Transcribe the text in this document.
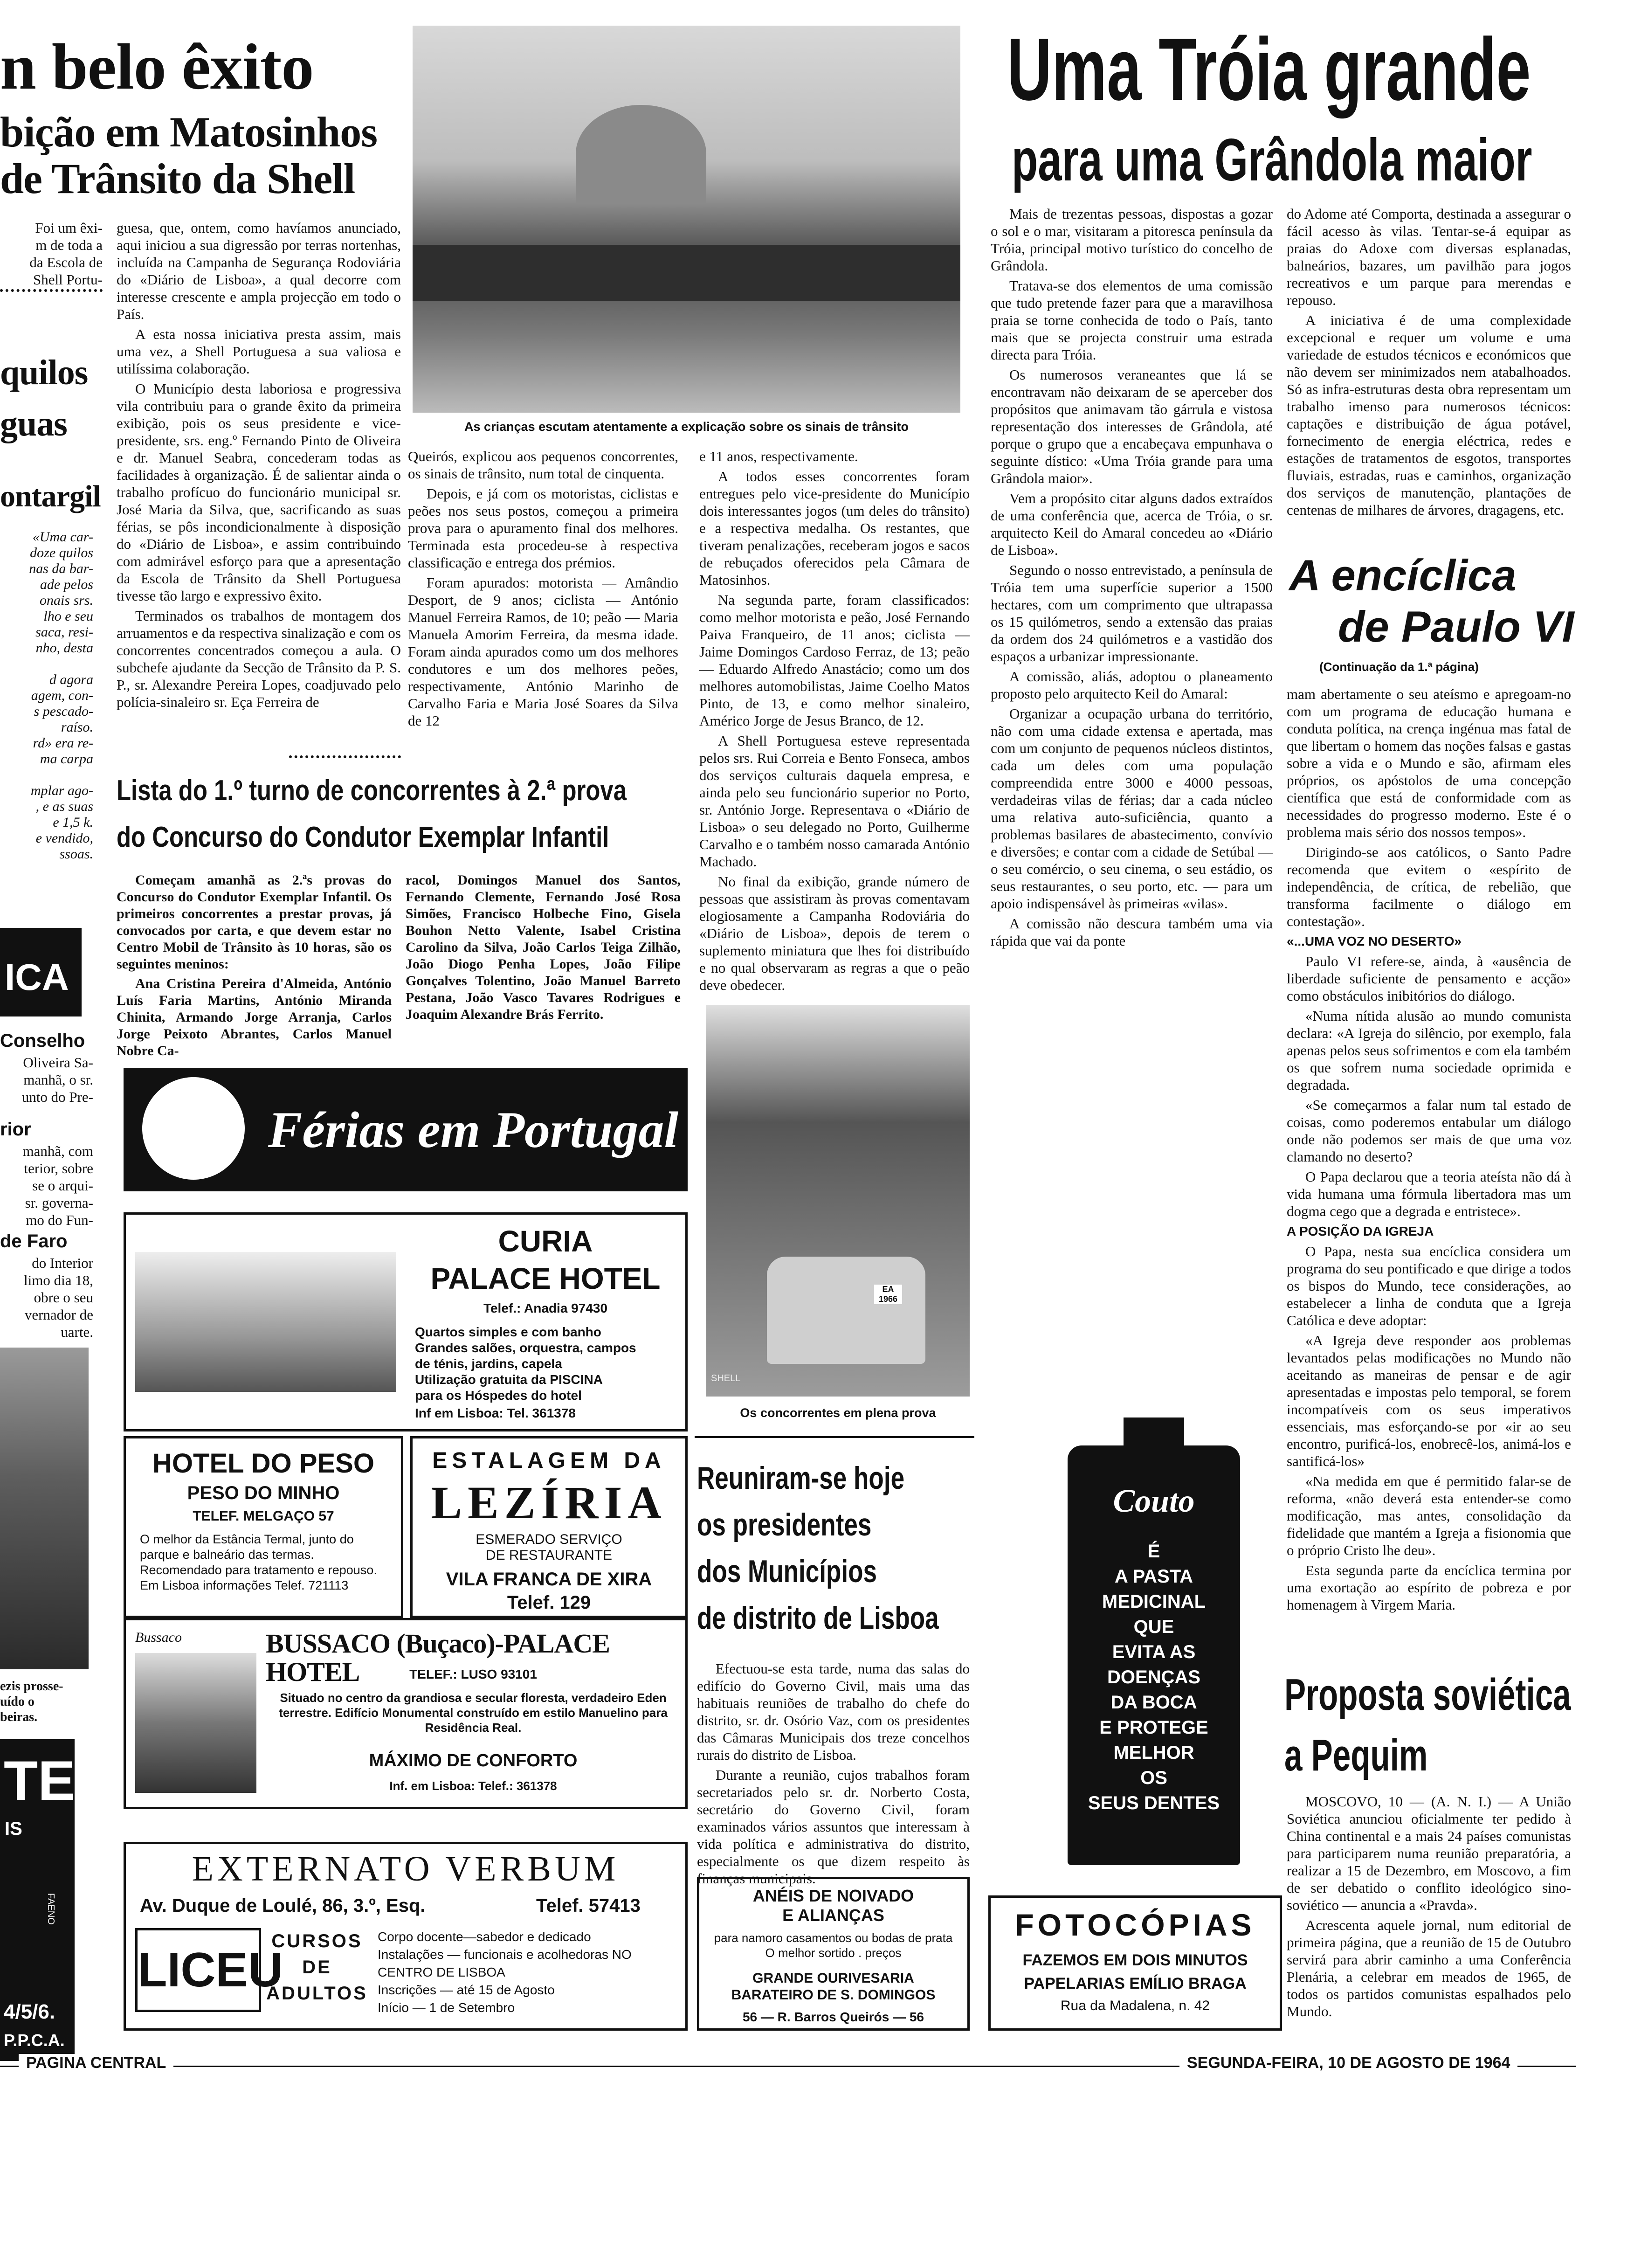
n belo êxito
bição em Matosinhos
de Trânsito da Shell
Foi um êxi-
m de toda a
da Escola de
Shell Portu-
quilos
guas
ontargil
«Uma car-
doze quilos
nas da bar-
ade pelos
onais srs.
lho e seu
saca, resi-
nho, desta

d agora
agem, con-
s pescado-
raíso.
rd» era re-
ma carpa

mplar ago-
, e as suas
e 1,5 k.
e vendido,
ssoas.
ICA
Conselho
Oliveira Sa-
manhã, o sr.
unto do Pre-
rior
manhã, com
terior, sobre
se o arqui-
sr. governa-
mo do Fun-
de Faro
do Interior
limo dia 18,
obre o seu
vernador de
uarte.
ezis prosse-
uído o
beiras.
TE
IS
FAENO
4/5/6.
P.P.C.A.

guesa, que, ontem, como havíamos anunciado, aqui iniciou a sua digressão por terras nortenhas, incluída na Campanha de Segurança Rodoviária do «Diário de Lisboa», a qual decorre com interesse crescente e ampla projecção em todo o País.

A esta nossa iniciativa presta assim, mais uma vez, a Shell Portuguesa a sua valiosa e utilíssima colaboração.

O Município desta laboriosa e progressiva vila contribuiu para o grande êxito da primeira exibição, pois os seus presidente e vice-presidente, srs. eng.º Fernando Pinto de Oliveira e dr. Manuel Seabra, concederam todas as facilidades à organização. É de salientar ainda o trabalho profícuo do funcionário municipal sr. José Maria da Silva, que, sacrificando as suas férias, se pôs incondicionalmente à disposição do «Diário de Lisboa», e assim contribuindo com admirável esforço para que a apresentação da Escola de Trânsito da Shell Portuguesa tivesse tão largo e expressivo êxito.

Terminados os trabalhos de montagem dos arruamentos e da respectiva sinalização e com os concorrentes concentrados começou a aula. O subchefe ajudante da Secção de Trânsito da P. S. P., sr. Alexandre Pereira Lopes, coadjuvado pelo polícia-sinaleiro sr. Eça Ferreira de

As crianças escutam atentamente a explicação sobre os sinais de trânsito

Queirós, explicou aos pequenos concorrentes, os sinais de trânsito, num total de cinquenta.

Depois, e já com os motoristas, ciclistas e peões nos seus postos, começou a primeira prova para o apuramento final dos melhores. Terminada esta procedeu-se à respectiva classificação e entrega dos prémios.

Foram apurados: motorista — Amândio Desport, de 9 anos; ciclista — António Manuel Ferreira Ramos, de 10; peão — Maria Manuela Amorim Ferreira, da mesma idade. Foram ainda apurados como um dos melhores condutores e um dos melhores peões, respectivamente, António Marinho de Carvalho Faria e Maria José Soares da Silva de 12

e 11 anos, respectivamente.

A todos esses concorrentes foram entregues pelo vice-presidente do Município dois interessantes jogos (um deles do trânsito) e a respectiva medalha. Os restantes, que tiveram penalizações, receberam jogos e sacos de rebuçados oferecidos pela Câmara de Matosinhos.

Na segunda parte, foram classificados: como melhor motorista e peão, José Fernando Paiva Franqueiro, de 11 anos; ciclista — Jaime Domingos Cardoso Ferraz, de 13; peão — Eduardo Alfredo Anastácio; como um dos melhores automobilistas, Jaime Coelho Matos Pinto, de 13, e como melhor sinaleiro, Américo Jorge de Jesus Branco, de 12.

A Shell Portuguesa esteve representada pelos srs. Rui Correia e Bento Fonseca, ambos dos serviços culturais daquela empresa, e ainda pelo seu funcionário superior no Porto, sr. António Jorge. Representava o «Diário de Lisboa» o seu delegado no Porto, Guilherme Carvalho e o também nosso camarada António Machado.

No final da exibição, grande número de pessoas que assistiram às provas comentavam elogiosamente a Campanha Rodoviária do «Diário de Lisboa», depois de terem o suplemento miniatura que lhes foi distribuído e no qual observaram as regras a que o peão deve obedecer.

Lista do 1.º turno de concorrentes à 2.ª prova
do Concurso do Condutor Exemplar Infantil

Começam amanhã as 2.ªs provas do Concurso do Condutor Exemplar Infantil. Os primeiros concorrentes a prestar provas, já convocados por carta, e que devem estar no Centro Mobil de Trânsito às 10 horas, são os seguintes meninos:

Ana Cristina Pereira d'Almeida, António Luís Faria Martins, António Miranda Chinita, Armando Jorge Arranja, Carlos Jorge Peixoto Abrantes, Carlos Manuel Nobre Ca-

racol, Domingos Manuel dos Santos, Fernando Clemente, Fernando José Rosa Simões, Francisco Holbeche Fino, Gisela Bouhon Netto Valente, Isabel Cristina Carolino da Silva, João Carlos Teiga Zilhão, João Diogo Penha Lopes, João Filipe Gonçalves Tolentino, João Manuel Barreto Pestana, João Vasco Tavares Rodrigues e Joaquim Alexandre Brás Ferrito.

EA 1966
SHELL
Os concorrentes em plena prova
Férias em Portugal
CURIA
PALACE HOTEL
Telef.: Anadia 97430
Quartos simples e com banho
Grandes salões, orquestra, campos
de ténis, jardins, capela
Utilização gratuita da PISCINA
para os Hóspedes do hotel
Inf em Lisboa: Tel. 361378
HOTEL DO PESO
PESO DO MINHO
TELEF. MELGAÇO 57
O melhor da Estância Termal, junto do parque e balneário das termas. Recomendado para tratamento e repouso. Em Lisboa informações Telef. 721113
ESTALAGEM DA
LEZÍRIA
ESMERADO SERVIÇO
DE RESTAURANTE
VILA FRANCA DE XIRA
Telef. 129
Bussaco	BUSSACO (Buçaco)-PALACE HOTEL	TELEF.: LUSO 93101
Situado no centro da grandiosa e secular floresta, verdadeiro Eden terrestre. Edifício Monumental construído em estilo Manuelino para Residência Real.
MÁXIMO DE CONFORTO
Inf. em Lisboa: Telef.: 361378
EXTERNATO VERBUM
Av. Duque de Loulé, 86, 3.º, Esq.	Telef. 57413
LICEU
CURSOS
DE
ADULTOS
Corpo docente—sabedor e dedicado
Instalações — funcionais e acolhedoras NO CENTRO DE LISBOA
Inscrições — até 15 de Agosto
Início — 1 de Setembro
Reuniram-se hoje
os presidentes
dos Municípios
de distrito de Lisboa

Efectuou-se esta tarde, numa das salas do edifício do Governo Civil, mais uma das habituais reuniões de trabalho do chefe do distrito, sr. dr. Osório Vaz, com os presidentes das Câmaras Municipais dos treze concelhos rurais do distrito de Lisboa.

Durante a reunião, cujos trabalhos foram secretariados pelo sr. dr. Norberto Costa, secretário do Governo Civil, foram examinados vários assuntos que interessam à vida política e administrativa do distrito, especialmente os que dizem respeito às finanças municipais.

ANÉIS DE NOIVADO
E ALIANÇAS
para namoro casamentos ou bodas de prata O melhor sortido . preços
GRANDE OURIVESARIA
BARATEIRO DE S. DOMINGOS
56 — R. Barros Queirós — 56
Couto
É
A PASTA
MEDICINAL
QUE
EVITA AS
DOENÇAS
DA BOCA
E PROTEGE
MELHOR
OS
SEUS DENTES
FOTOCÓPIAS
FAZEMOS EM DOIS MINUTOS
PAPELARIAS EMÍLIO BRAGA
Rua da Madalena, n. 42
Uma Tróia grande
para uma Grândola maior

Mais de trezentas pessoas, dispostas a gozar o sol e o mar, visitaram a pitoresca península da Tróia, principal motivo turístico do concelho de Grândola.

Tratava-se dos elementos de uma comissão que tudo pretende fazer para que a maravilhosa praia se torne conhecida de todo o País, tanto mais que se projecta construir uma estrada directa para Tróia.

Os numerosos veraneantes que lá se encontravam não deixaram de se aperceber dos propósitos que animavam tão gárrula e vistosa representação dos interesses de Grândola, até porque o grupo que a encabeçava empunhava o seguinte dístico: «Uma Tróia grande para uma Grândola maior».

Vem a propósito citar alguns dados extraídos de uma conferência que, acerca de Tróia, o sr. arquitecto Keil do Amaral concedeu ao «Diário de Lisboa».

Segundo o nosso entrevistado, a península de Tróia tem uma superfície superior a 1500 hectares, com um comprimento que ultrapassa os 15 quilómetros, sendo a extensão das praias da ordem dos 24 quilómetros e a vastidão dos espaços a urbanizar impressionante.

A comissão, aliás, adoptou o planeamento proposto pelo arquitecto Keil do Amaral:

Organizar a ocupação urbana do território, não com uma cidade extensa e apertada, mas com um conjunto de pequenos núcleos distintos, cada um deles com uma população compreendida entre 3000 e 4000 pessoas, verdadeiras vilas de férias; dar a cada núcleo uma relativa auto-suficiência, quanto a problemas basilares de abastecimento, convívio e diversões; e contar com a cidade de Setúbal — o seu comércio, o seu cinema, o seu estádio, os seus restaurantes, o seu porto, etc. — para um apoio indispensável às primeiras «vilas».

A comissão não descura também uma via rápida que vai da ponte

do Adome até Comporta, destinada a assegurar o fácil acesso às vilas. Tentar-se-á equipar as praias do Adoxe com diversas esplanadas, balneários, bazares, um pavilhão para jogos recreativos e um parque para merendas e repouso.

A iniciativa é de uma complexidade excepcional e requer um volume e uma variedade de estudos técnicos e económicos que não devem ser minimizados nem atabalhoados. Só as infra-estruturas desta obra representam um trabalho imenso para numerosos técnicos: captações e distribuição de água potável, fornecimento de energia eléctrica, redes e estações de tratamentos de esgotos, transportes fluviais, estradas, ruas e caminhos, organização dos serviços de manutenção, plantações de centenas de milhares de árvores, dragagens, etc.

A encíclica
de Paulo VI
(Continuação da 1.ª página)

mam abertamente o seu ateísmo e apregoam-no com um programa de educação humana e conduta política, na crença ingénua mas fatal de que libertam o homem das noções falsas e gastas sobre a vida e o Mundo e são, afirmam eles próprios, os apóstolos de uma concepção científica que está de conformidade com as necessidades do progresso moderno. Este é o problema mais sério dos nossos tempos».

Dirigindo-se aos católicos, o Santo Padre recomenda que evitem o «espírito de independência, de crítica, de rebelião, que transforma facilmente o diálogo em contestação».

«...UMA VOZ NO DESERTO»

Paulo VI refere-se, ainda, à «ausência de liberdade suficiente de pensamento e acção» como obstáculos inibitórios do diálogo.

«Numa nítida alusão ao mundo comunista declara: «A Igreja do silêncio, por exemplo, fala apenas pelos seus sofrimentos e com ela também os que sofrem numa sociedade oprimida e degradada.

«Se começarmos a falar num tal estado de coisas, como poderemos entabular um diálogo onde não podemos ser mais de que uma voz clamando no deserto?

O Papa declarou que a teoria ateísta não dá à vida humana uma fórmula libertadora mas um dogma cego que a degrada e entristece».

A POSIÇÃO DA IGREJA

O Papa, nesta sua encíclica considera um programa do seu pontificado e que dirige a todos os bispos do Mundo, tece considerações, ao estabelecer a linha de conduta que a Igreja Católica e deve adoptar:

«A Igreja deve responder aos problemas levantados pelas modificações no Mundo não aceitando as maneiras de pensar e de agir apresentadas e impostas pelo temporal, se forem incompatíveis com os seus imperativos essenciais, mas esforçando-se por «ir ao seu encontro, purificá-los, enobrecê-los, animá-los e santificá-los»

«Na medida em que é permitido falar-se de reforma, «não deverá esta entender-se como modificação, mas antes, consolidação da fidelidade que mantém a Igreja a fisionomia que o próprio Cristo lhe deu».

Esta segunda parte da encíclica termina por uma exortação ao espírito de pobreza e por homenagem à Virgem Maria.

Proposta soviética
a Pequim

MOSCOVO, 10 — (A. N. I.) — A União Soviética anunciou oficialmente ter pedido à China continental e a mais 24 países comunistas para participarem numa reunião preparatória, a realizar a 15 de Dezembro, em Moscovo, a fim de ser debatido o conflito ideológico sino-soviético — anuncia a «Pravda».

Acrescenta aquele jornal, num editorial de primeira página, que a reunião de 15 de Outubro servirá para abrir caminho a uma Conferência Plenária, a celebrar em meados de 1965, de todos os partidos comunistas espalhados pelo Mundo.

PAGINA CENTRAL	SEGUNDA-FEIRA, 10 DE AGOSTO DE 1964
